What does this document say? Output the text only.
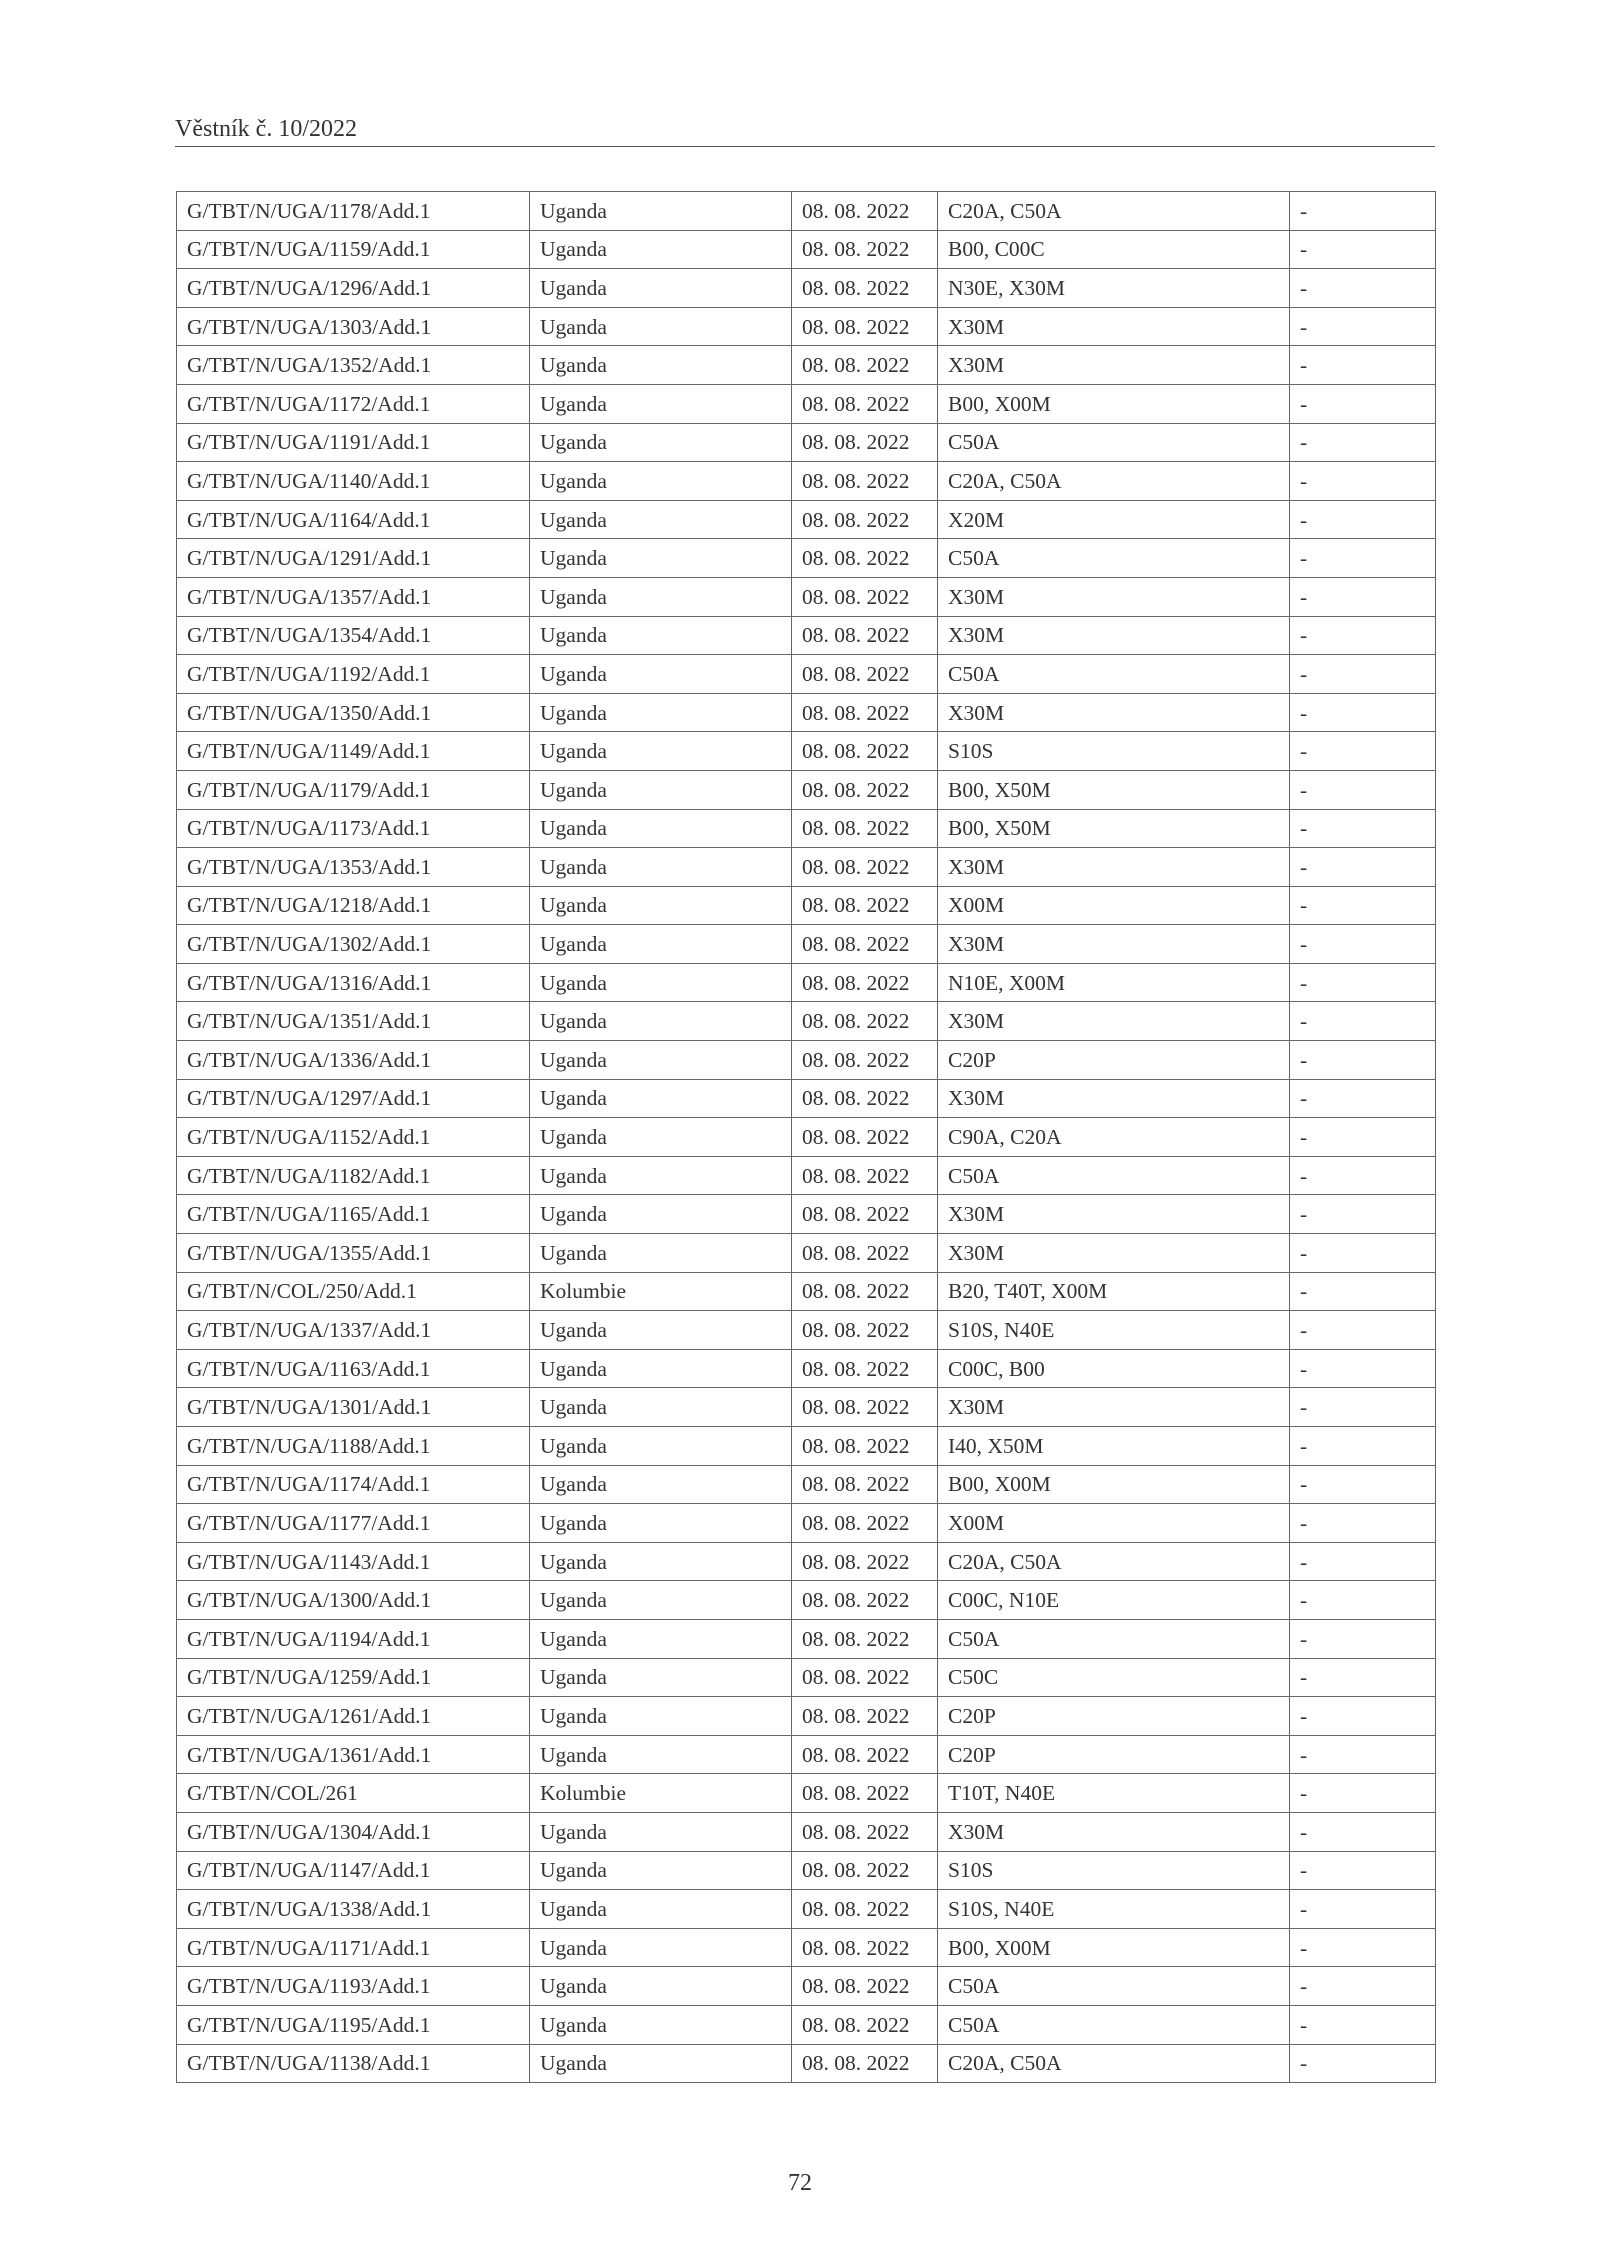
Věstník č. 10/2022
G/TBT/N/UGA/1178/Add.1	Uganda	08. 08. 2022	C20A, C50A	-
G/TBT/N/UGA/1159/Add.1	Uganda	08. 08. 2022	B00, C00C	-
G/TBT/N/UGA/1296/Add.1	Uganda	08. 08. 2022	N30E, X30M	-
G/TBT/N/UGA/1303/Add.1	Uganda	08. 08. 2022	X30M	-
G/TBT/N/UGA/1352/Add.1	Uganda	08. 08. 2022	X30M	-
G/TBT/N/UGA/1172/Add.1	Uganda	08. 08. 2022	B00, X00M	-
G/TBT/N/UGA/1191/Add.1	Uganda	08. 08. 2022	C50A	-
G/TBT/N/UGA/1140/Add.1	Uganda	08. 08. 2022	C20A, C50A	-
G/TBT/N/UGA/1164/Add.1	Uganda	08. 08. 2022	X20M	-
G/TBT/N/UGA/1291/Add.1	Uganda	08. 08. 2022	C50A	-
G/TBT/N/UGA/1357/Add.1	Uganda	08. 08. 2022	X30M	-
G/TBT/N/UGA/1354/Add.1	Uganda	08. 08. 2022	X30M	-
G/TBT/N/UGA/1192/Add.1	Uganda	08. 08. 2022	C50A	-
G/TBT/N/UGA/1350/Add.1	Uganda	08. 08. 2022	X30M	-
G/TBT/N/UGA/1149/Add.1	Uganda	08. 08. 2022	S10S	-
G/TBT/N/UGA/1179/Add.1	Uganda	08. 08. 2022	B00, X50M	-
G/TBT/N/UGA/1173/Add.1	Uganda	08. 08. 2022	B00, X50M	-
G/TBT/N/UGA/1353/Add.1	Uganda	08. 08. 2022	X30M	-
G/TBT/N/UGA/1218/Add.1	Uganda	08. 08. 2022	X00M	-
G/TBT/N/UGA/1302/Add.1	Uganda	08. 08. 2022	X30M	-
G/TBT/N/UGA/1316/Add.1	Uganda	08. 08. 2022	N10E, X00M	-
G/TBT/N/UGA/1351/Add.1	Uganda	08. 08. 2022	X30M	-
G/TBT/N/UGA/1336/Add.1	Uganda	08. 08. 2022	C20P	-
G/TBT/N/UGA/1297/Add.1	Uganda	08. 08. 2022	X30M	-
G/TBT/N/UGA/1152/Add.1	Uganda	08. 08. 2022	C90A, C20A	-
G/TBT/N/UGA/1182/Add.1	Uganda	08. 08. 2022	C50A	-
G/TBT/N/UGA/1165/Add.1	Uganda	08. 08. 2022	X30M	-
G/TBT/N/UGA/1355/Add.1	Uganda	08. 08. 2022	X30M	-
G/TBT/N/COL/250/Add.1	Kolumbie	08. 08. 2022	B20, T40T, X00M	-
G/TBT/N/UGA/1337/Add.1	Uganda	08. 08. 2022	S10S, N40E	-
G/TBT/N/UGA/1163/Add.1	Uganda	08. 08. 2022	C00C, B00	-
G/TBT/N/UGA/1301/Add.1	Uganda	08. 08. 2022	X30M	-
G/TBT/N/UGA/1188/Add.1	Uganda	08. 08. 2022	I40, X50M	-
G/TBT/N/UGA/1174/Add.1	Uganda	08. 08. 2022	B00, X00M	-
G/TBT/N/UGA/1177/Add.1	Uganda	08. 08. 2022	X00M	-
G/TBT/N/UGA/1143/Add.1	Uganda	08. 08. 2022	C20A, C50A	-
G/TBT/N/UGA/1300/Add.1	Uganda	08. 08. 2022	C00C, N10E	-
G/TBT/N/UGA/1194/Add.1	Uganda	08. 08. 2022	C50A	-
G/TBT/N/UGA/1259/Add.1	Uganda	08. 08. 2022	C50C	-
G/TBT/N/UGA/1261/Add.1	Uganda	08. 08. 2022	C20P	-
G/TBT/N/UGA/1361/Add.1	Uganda	08. 08. 2022	C20P	-
G/TBT/N/COL/261	Kolumbie	08. 08. 2022	T10T, N40E	-
G/TBT/N/UGA/1304/Add.1	Uganda	08. 08. 2022	X30M	-
G/TBT/N/UGA/1147/Add.1	Uganda	08. 08. 2022	S10S	-
G/TBT/N/UGA/1338/Add.1	Uganda	08. 08. 2022	S10S, N40E	-
G/TBT/N/UGA/1171/Add.1	Uganda	08. 08. 2022	B00, X00M	-
G/TBT/N/UGA/1193/Add.1	Uganda	08. 08. 2022	C50A	-
G/TBT/N/UGA/1195/Add.1	Uganda	08. 08. 2022	C50A	-
G/TBT/N/UGA/1138/Add.1	Uganda	08. 08. 2022	C20A, C50A	-
72
